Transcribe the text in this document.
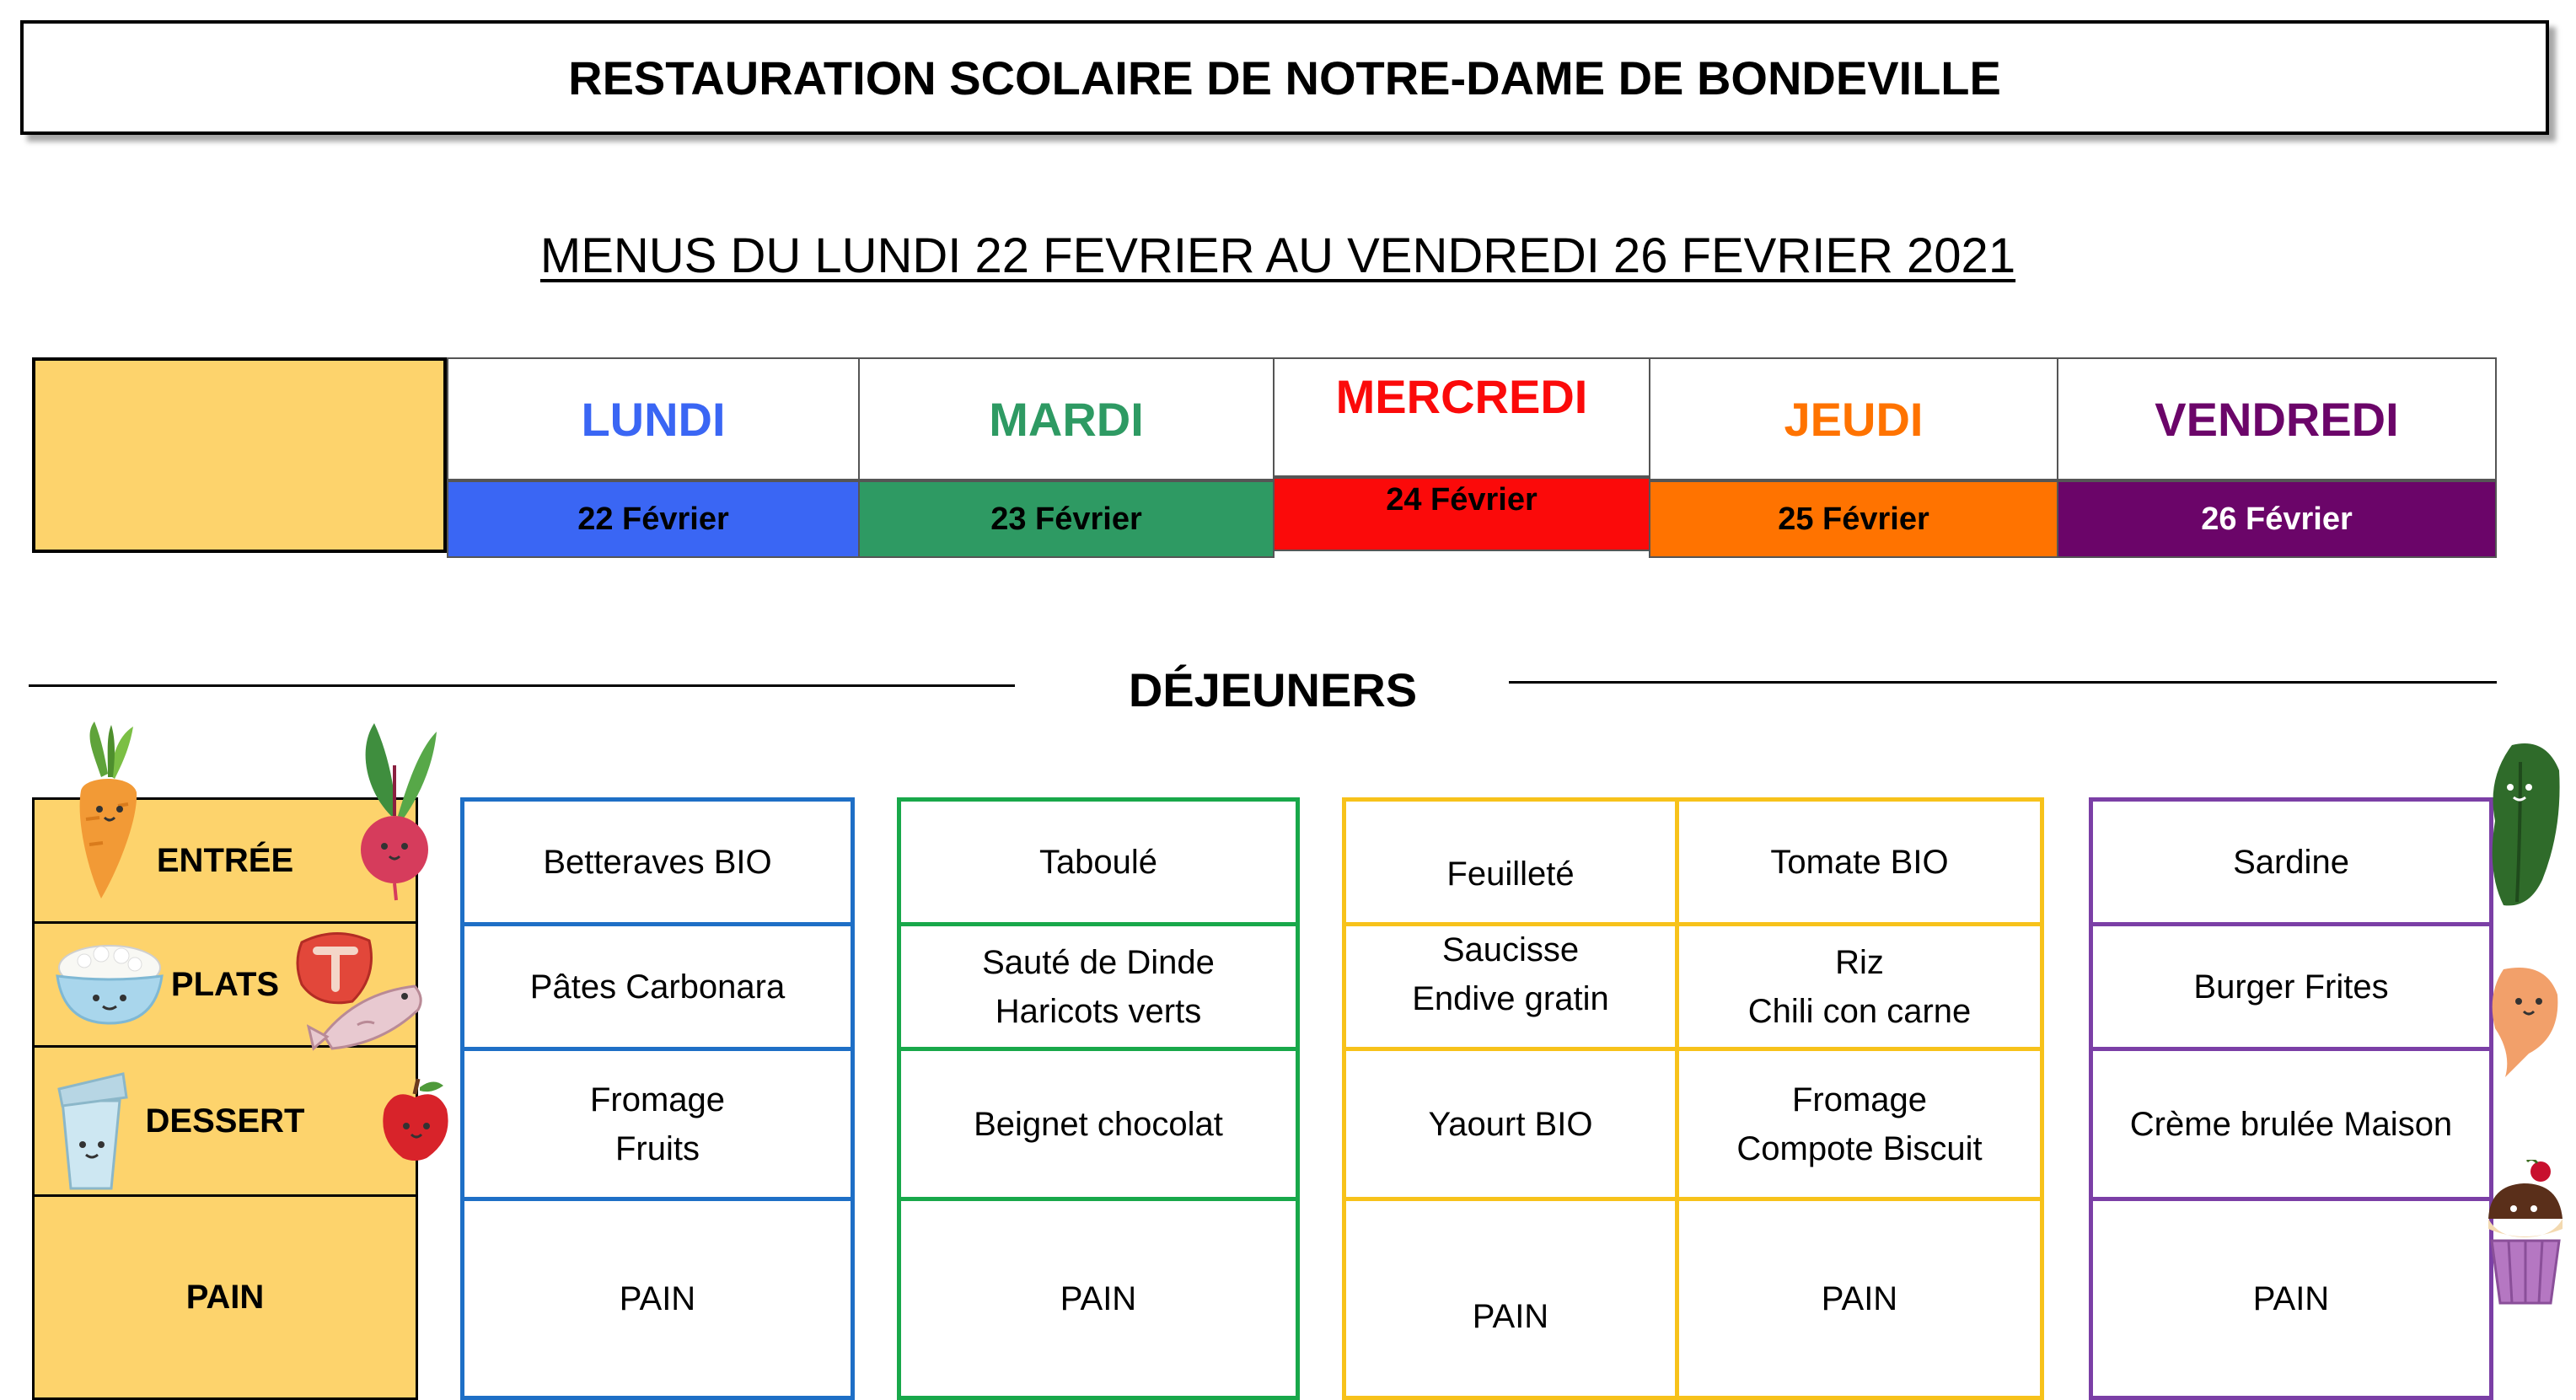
RESTAURATION SCOLAIRE DE NOTRE-DAME DE BONDEVILLE
MENUS DU LUNDI 22 FEVRIER AU VENDREDI 26 FEVRIER 2021
LUNDI
22 Février
MARDI
23 Février
MERCREDI
24 Février
JEUDI
25 Février
VENDREDI
26 Février
DÉJEUNERS
ENTRÉE
PLATS
DESSERT
PAIN
Betteraves BIO
Pâtes Carbonara
Fromage
Fruits
PAIN
Taboulé
Sauté de Dinde
Haricots verts
Beignet chocolat
PAIN
Feuilleté
Saucisse
Endive gratin
Yaourt BIO
PAIN
Tomate BIO
Riz
Chili con carne
Fromage
Compote Biscuit
PAIN
Sardine
Burger Frites
Crème brulée Maison
PAIN
